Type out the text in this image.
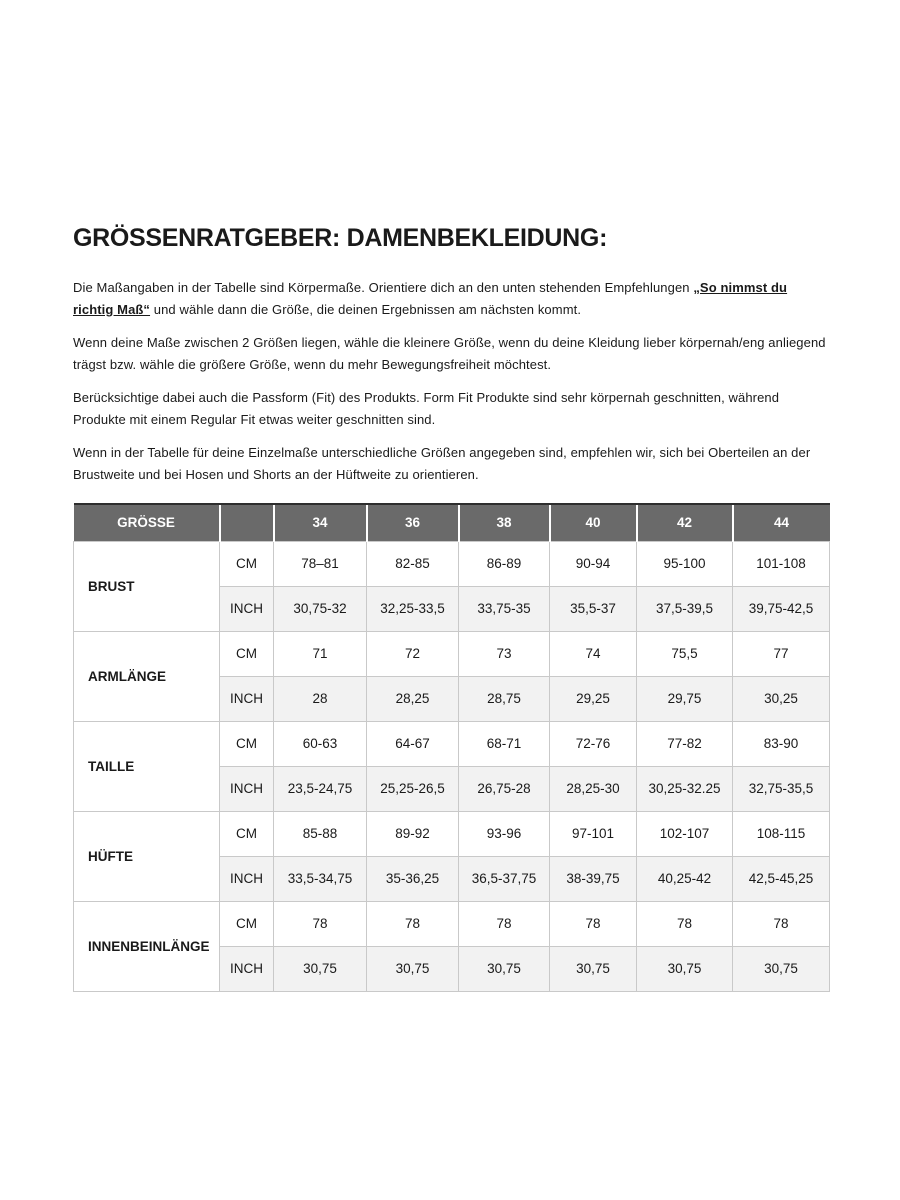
GRÖSSENRATGEBER: DAMENBEKLEIDUNG:

Die Maßangaben in der Tabelle sind Körpermaße. Orientiere dich an den unten stehenden Empfehlungen „So nimmst du richtig Maß“ und wähle dann die Größe, die deinen Ergebnissen am nächsten kommt.

Wenn deine Maße zwischen 2 Größen liegen, wähle die kleinere Größe, wenn du deine Kleidung lieber körpernah/eng anliegend trägst bzw. wähle die größere Größe, wenn du mehr Bewegungsfreiheit möchtest.

Berücksichtige dabei auch die Passform (Fit) des Produkts. Form Fit Produkte sind sehr körpernah geschnitten, während Produkte mit einem Regular Fit etwas weiter geschnitten sind.

Wenn in der Tabelle für deine Einzelmaße unterschiedliche Größen angegeben sind, empfehlen wir, sich bei Oberteilen an der Brustweite und bei Hosen und Shorts an der Hüftweite zu orientieren.

GRÖSSE		34	36	38	40	42	44
BRUST	CM	78–81	82-85	86-89	90-94	95-100	101-108
	INCH	30,75-32	32,25-33,5	33,75-35	35,5-37	37,5-39,5	39,75-42,5
ARMLÄNGE	CM	71	72	73	74	75,5	77
	INCH	28	28,25	28,75	29,25	29,75	30,25
TAILLE	CM	60-63	64-67	68-71	72-76	77-82	83-90
	INCH	23,5-24,75	25,25-26,5	26,75-28	28,25-30	30,25-32.25	32,75-35,5
HÜFTE	CM	85-88	89-92	93-96	97-101	102-107	108-115
	INCH	33,5-34,75	35-36,25	36,5-37,75	38-39,75	40,25-42	42,5-45,25
INNENBEINLÄNGE	CM	78	78	78	78	78	78
	INCH	30,75	30,75	30,75	30,75	30,75	30,75
